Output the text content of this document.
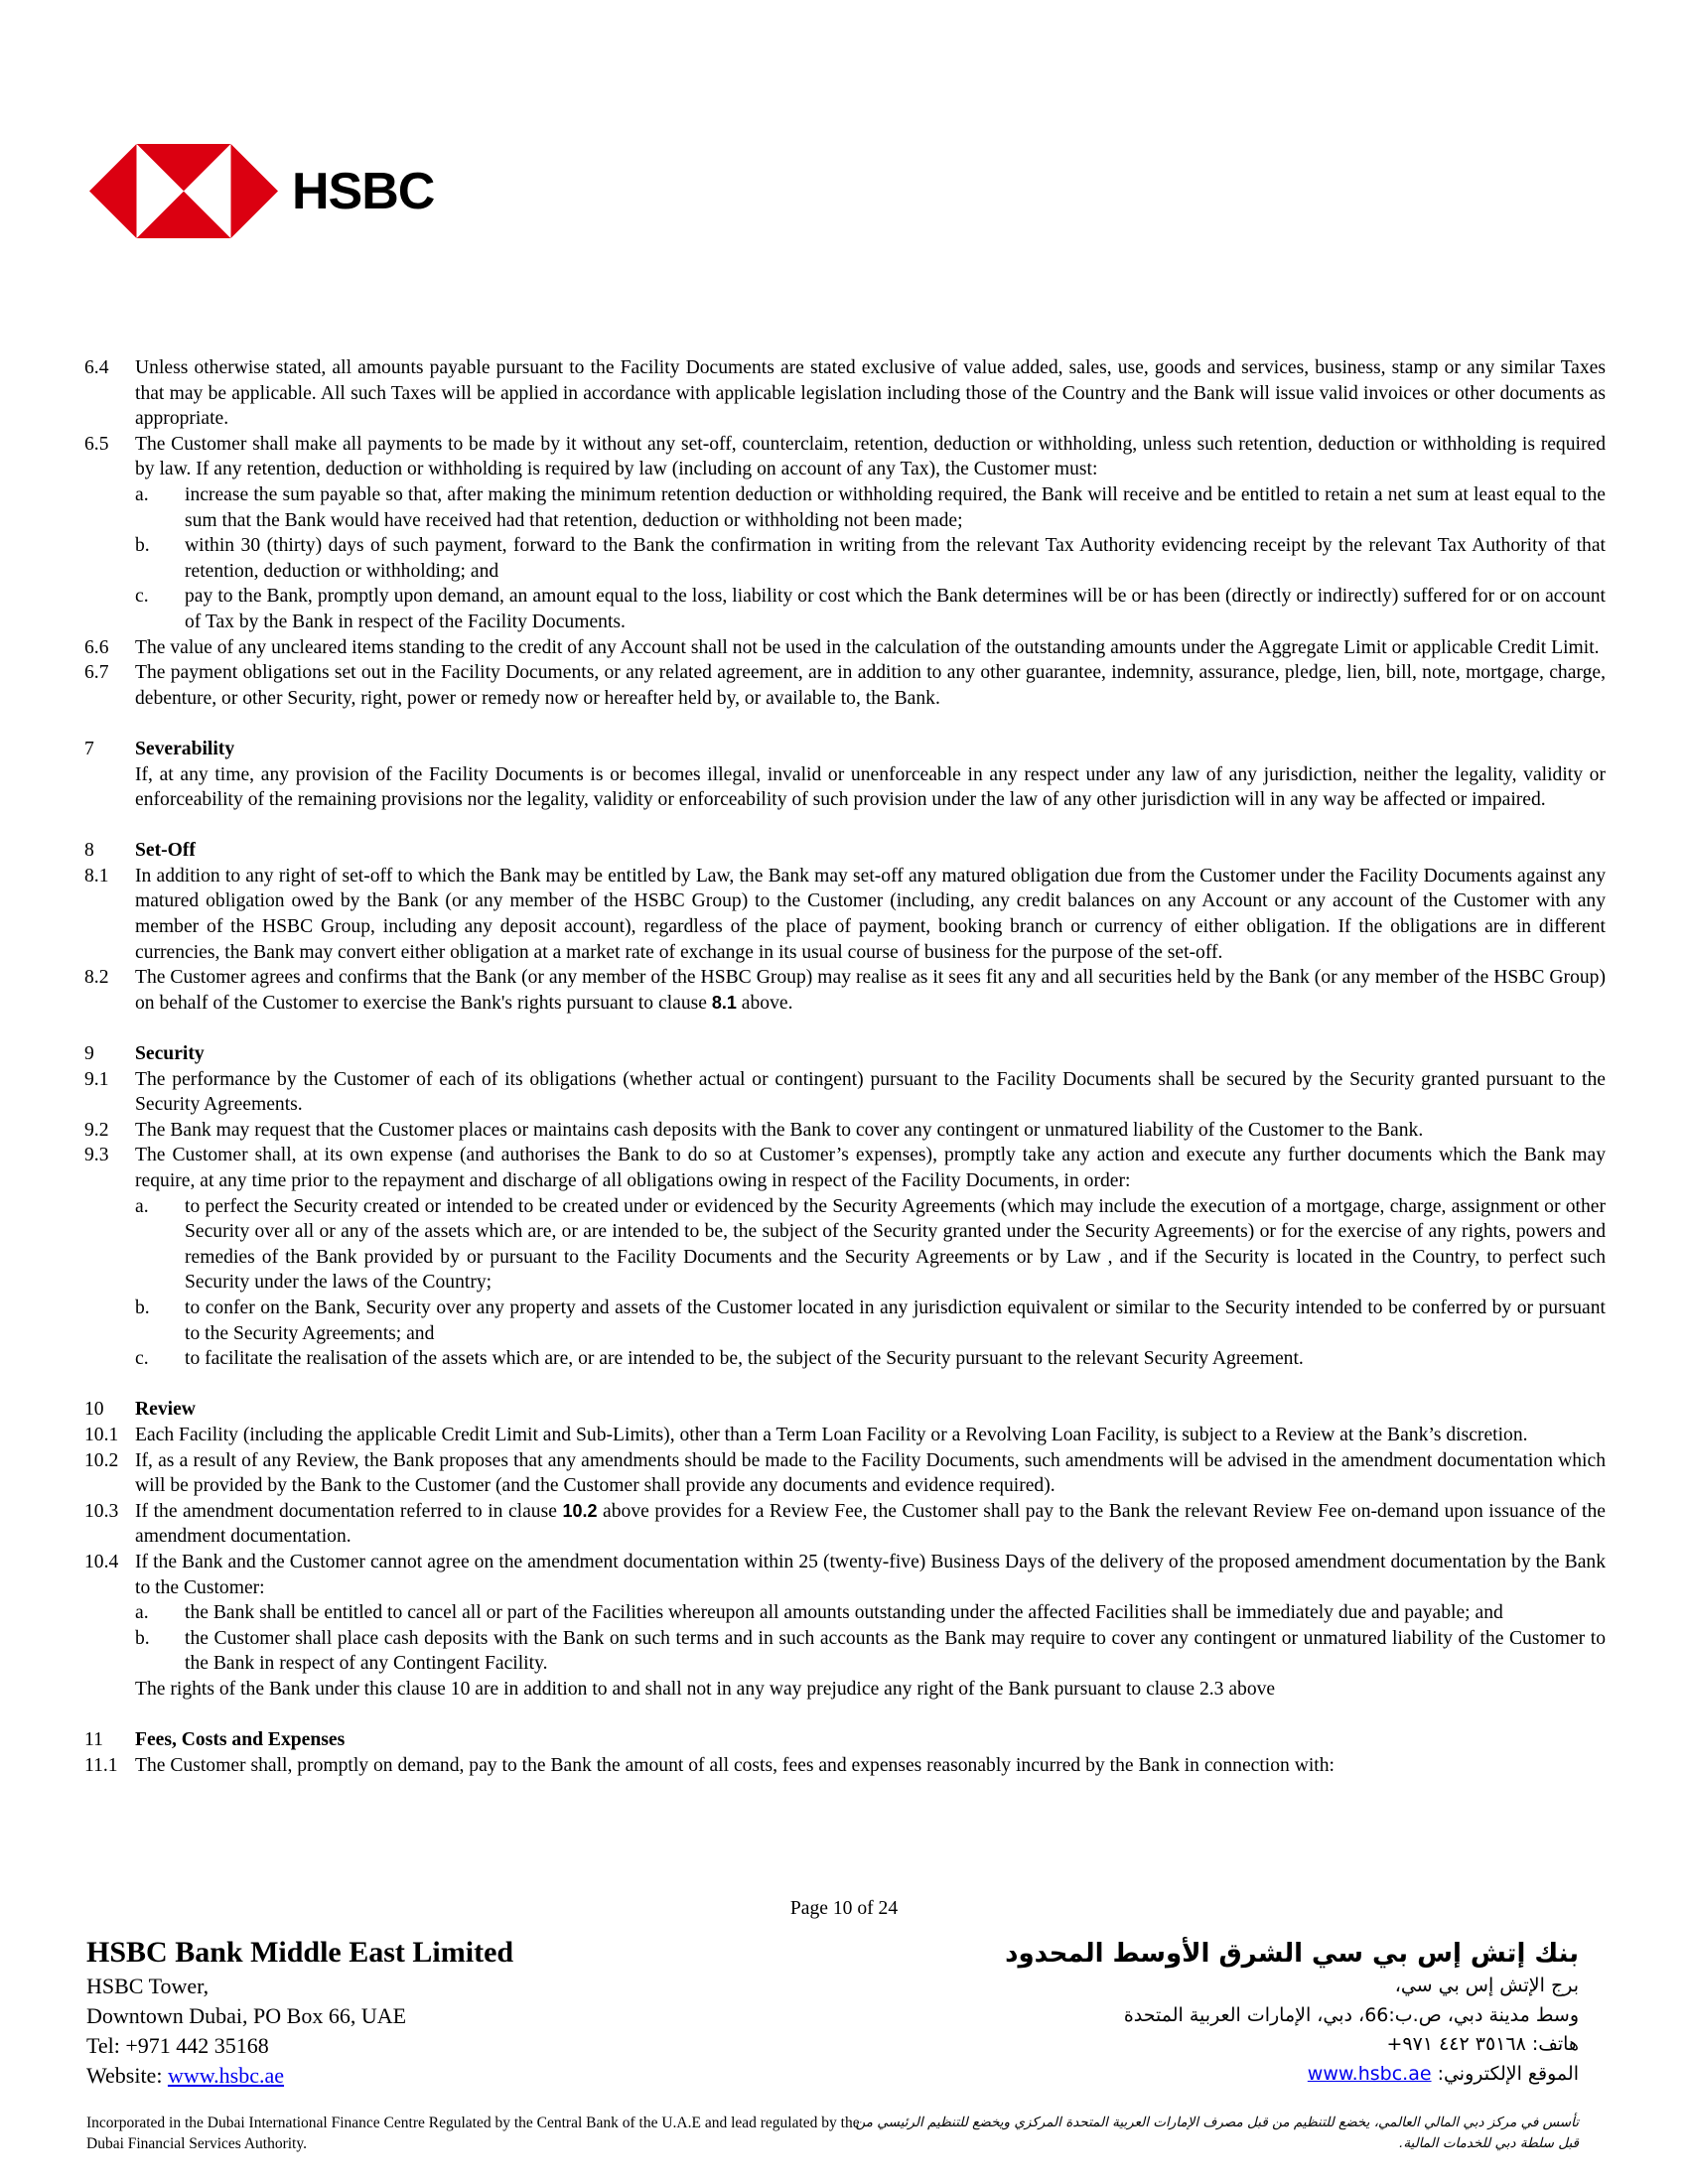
HSBC
6.4	Unless otherwise stated, all amounts payable pursuant to the Facility Documents are stated exclusive of value added, sales, use, goods and services, business, stamp or any similar Taxes that may be applicable. All such Taxes will be applied in accordance with applicable legislation including those of the Country and the Bank will issue valid invoices or other documents as appropriate.
6.5	The Customer shall make all payments to be made by it without any set-off, counterclaim, retention, deduction or withholding, unless such retention, deduction or withholding is required by law. If any retention, deduction or withholding is required by law (including on account of any Tax), the Customer must:
a.	increase the sum payable so that, after making the minimum retention deduction or withholding required, the Bank will receive and be entitled to retain a net sum at least equal to the sum that the Bank would have received had that retention, deduction or withholding not been made;
b.	within 30 (thirty) days of such payment, forward to the Bank the confirmation in writing from the relevant Tax Authority evidencing receipt by the relevant Tax Authority of that retention, deduction or withholding; and
c.	pay to the Bank, promptly upon demand, an amount equal to the loss, liability or cost which the Bank determines will be or has been (directly or indirectly) suffered for or on account of Tax by the Bank in respect of the Facility Documents.
6.6	The value of any uncleared items standing to the credit of any Account shall not be used in the calculation of the outstanding amounts under the Aggregate Limit or applicable Credit Limit.
6.7	The payment obligations set out in the Facility Documents, or any related agreement, are in addition to any other guarantee, indemnity, assurance, pledge, lien, bill, note, mortgage, charge, debenture, or other Security, right, power or remedy now or hereafter held by, or available to, the Bank.
7	Severability
If, at any time, any provision of the Facility Documents is or becomes illegal, invalid or unenforceable in any respect under any law of any jurisdiction, neither the legality, validity or enforceability of the remaining provisions nor the legality, validity or enforceability of such provision under the law of any other jurisdiction will in any way be affected or impaired.
8	Set-Off
8.1	In addition to any right of set-off to which the Bank may be entitled by Law, the Bank may set-off any matured obligation due from the Customer under the Facility Documents against any matured obligation owed by the Bank (or any member of the HSBC Group) to the Customer (including, any credit balances on any Account or any account of the Customer with any member of the HSBC Group, including any deposit account), regardless of the place of payment, booking branch or currency of either obligation. If the obligations are in different currencies, the Bank may convert either obligation at a market rate of exchange in its usual course of business for the purpose of the set-off.
8.2	The Customer agrees and confirms that the Bank (or any member of the HSBC Group) may realise as it sees fit any and all securities held by the Bank (or any member of the HSBC Group) on behalf of the Customer to exercise the Bank's rights pursuant to clause 8.1 above.
9	Security
9.1	The performance by the Customer of each of its obligations (whether actual or contingent) pursuant to the Facility Documents shall be secured by the Security granted pursuant to the Security Agreements.
9.2	The Bank may request that the Customer places or maintains cash deposits with the Bank to cover any contingent or unmatured liability of the Customer to the Bank.
9.3	The Customer shall, at its own expense (and authorises the Bank to do so at Customer’s expenses), promptly take any action and execute any further documents which the Bank may require, at any time prior to the repayment and discharge of all obligations owing in respect of the Facility Documents, in order:
a.	to perfect the Security created or intended to be created under or evidenced by the Security Agreements (which may include the execution of a mortgage, charge, assignment or other Security over all or any of the assets which are, or are intended to be, the subject of the Security granted under the Security Agreements) or for the exercise of any rights, powers and remedies of the Bank provided by or pursuant to the Facility Documents and the Security Agreements or by Law , and if the Security is located in the Country, to perfect such Security under the laws of the Country;
b.	to confer on the Bank, Security over any property and assets of the Customer located in any jurisdiction equivalent or similar to the Security intended to be conferred by or pursuant to the Security Agreements; and
c.	to facilitate the realisation of the assets which are, or are intended to be, the subject of the Security pursuant to the relevant Security Agreement.
10	Review
10.1 Each Facility (including the applicable Credit Limit and Sub-Limits), other than a Term Loan Facility or a Revolving Loan Facility, is subject to a Review at the Bank’s discretion.
10.2 If, as a result of any Review, the Bank proposes that any amendments should be made to the Facility Documents, such amendments will be advised in the amendment documentation which will be provided by the Bank to the Customer (and the Customer shall provide any documents and evidence required).
10.3 If the amendment documentation referred to in clause 10.2 above provides for a Review Fee, the Customer shall pay to the Bank the relevant Review Fee on-demand upon issuance of the amendment documentation.
10.4 If the Bank and the Customer cannot agree on the amendment documentation within 25 (twenty-five) Business Days of the delivery of the proposed amendment documentation by the Bank to the Customer:
a.	the Bank shall be entitled to cancel all or part of the Facilities whereupon all amounts outstanding under the affected Facilities shall be immediately due and payable; and
b.	the Customer shall place cash deposits with the Bank on such terms and in such accounts as the Bank may require to cover any contingent or unmatured liability of the Customer to the Bank in respect of any Contingent Facility.
The rights of the Bank under this clause 10 are in addition to and shall not in any way prejudice any right of the Bank pursuant to clause 2.3 above
11	Fees, Costs and Expenses
11.1 The Customer shall, promptly on demand, pay to the Bank the amount of all costs, fees and expenses reasonably incurred by the Bank in connection with:
Page 10 of 24
HSBC Bank Middle East Limited
HSBC Tower,
Downtown Dubai, PO Box 66, UAE
Tel: +971 442 35168
Website: www.hsbc.ae
بنك إتش إس بي سي الشرق الأوسط المحدود
برج الإتش إس بي سي،
وسط مدينة دبي، ص.ب:66، دبي، الإمارات العربية المتحدة
هاتف: ٣٥١٦٨ ٤٤٢ ٩٧١+
الموقع الإلكتروني: www.hsbc.ae
Incorporated in the Dubai International Finance Centre Regulated by the Central Bank of the U.A.E and lead regulated by the Dubai Financial Services Authority.
تأسس في مركز دبي المالي العالمي، يخضع للتنظيم من قبل مصرف الإمارات العربية المتحدة المركزي ويخضع للتنظيم الرئيسي من قبل سلطة دبي للخدمات المالية.
